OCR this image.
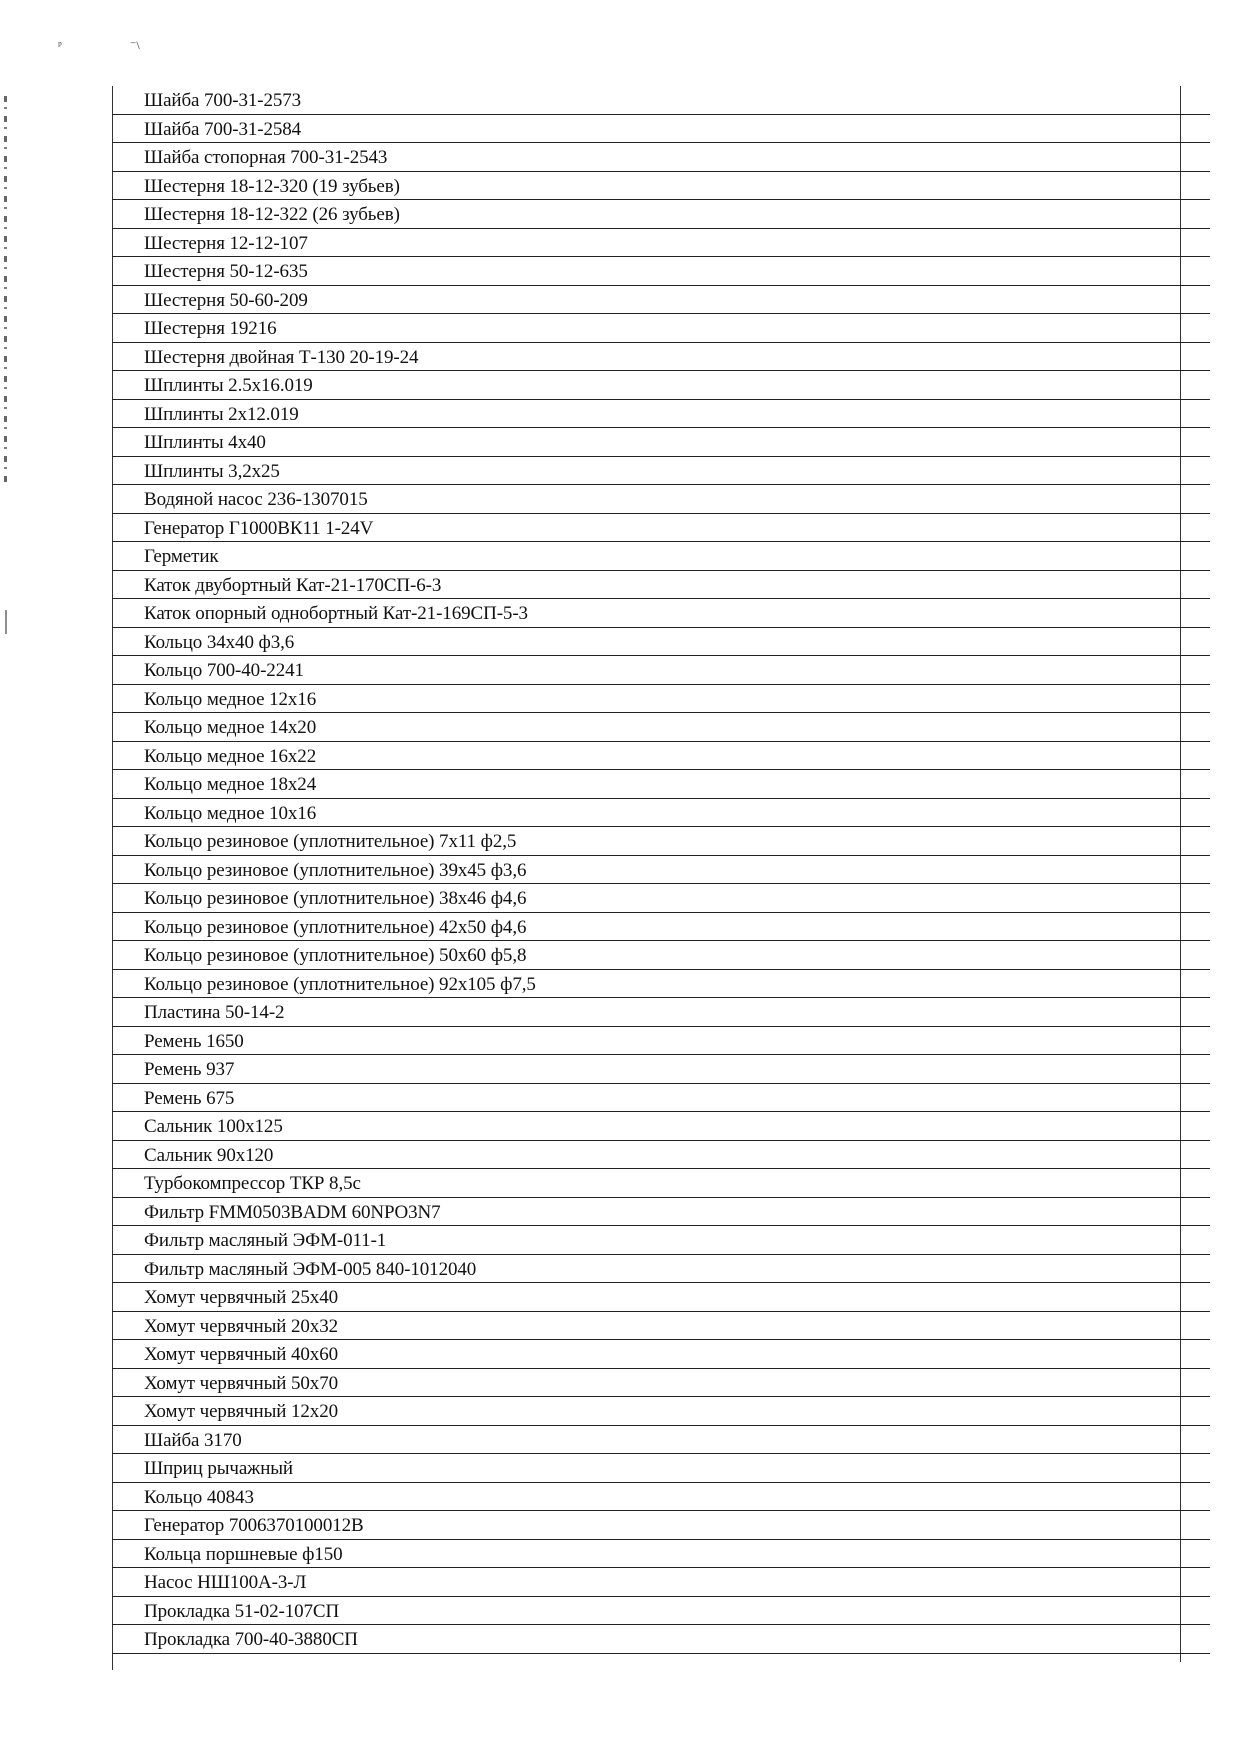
ᵖ	⁻\
Шайба 700-31-2573
Шайба 700-31-2584
Шайба стопорная 700-31-2543
Шестерня 18-12-320 (19 зубьев)
Шестерня 18-12-322 (26 зубьев)
Шестерня 12-12-107
Шестерня 50-12-635
Шестерня 50-60-209
Шестерня 19216
Шестерня двойная Т-130 20-19-24
Шплинты 2.5х16.019
Шплинты 2х12.019
Шплинты 4х40
Шплинты 3,2х25
Водяной насос 236-1307015
Генератор Г1000ВК11 1-24V
Герметик
Каток двубортный Кат-21-170СП-6-3
Каток опорный однобортный Кат-21-169СП-5-3
Кольцо 34х40 ф3,6
Кольцо 700-40-2241
Кольцо медное 12х16
Кольцо медное 14х20
Кольцо медное 16х22
Кольцо медное 18х24
Кольцо медное 10х16
Кольцо резиновое (уплотнительное) 7х11 ф2,5
Кольцо резиновое (уплотнительное) 39х45 ф3,6
Кольцо резиновое (уплотнительное) 38х46 ф4,6
Кольцо резиновое (уплотнительное) 42х50 ф4,6
Кольцо резиновое (уплотнительное) 50х60 ф5,8
Кольцо резиновое (уплотнительное) 92х105 ф7,5
Пластина 50-14-2
Ремень 1650
Ремень 937
Ремень 675
Сальник 100х125
Сальник 90х120
Турбокомпрессор ТКР 8,5с
Фильтр FMM0503BADM 60NPO3N7
Фильтр масляный ЭФМ-011-1
Фильтр масляный ЭФМ-005 840-1012040
Хомут червячный 25х40
Хомут червячный 20х32
Хомут червячный 40х60
Хомут червячный 50х70
Хомут червячный 12х20
Шайба 3170
Шприц рычажный
Кольцо 40843
Генератор 7006370100012В
Кольца поршневые ф150
Насос НШ100А-3-Л
Прокладка 51-02-107СП
Прокладка 700-40-3880СП
